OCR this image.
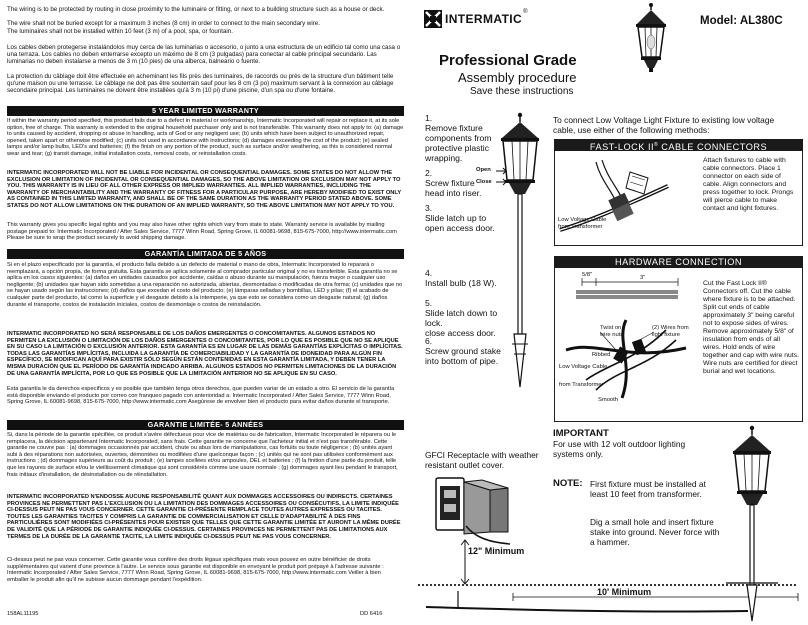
The wiring is to be protected by routing in close proximity to the luminaire or fitting, or next to a building structure such as a house or deck.
The wire shall not be buried except for a maximum 3 inches (8 cm) in order to connect to the main secondary wire.
The luminaires shall not be installed within 10 feet (3 m) of a pool, spa, or fountain.
Los cables deben protegerse instalándolos muy cerca de las luminarias o accesorio, o junto a una estructura de un edificio tal como una casa o una terraza. Los cables no deben enterrarse excepto un máximo de 8 cm (3 pulgadas) para conectar al cable principal secundario. Las luminarias no deben instalarse a menos de 3 m (10 pies) de una alberca, balneario o fuente.
La protection du câblage doit être effectuée en acheminant les fils près des luminaires, de raccords ou près de la structure d'un bâtiment telle qu'une maison ou une terrasse. Le câblage ne doit pas être souterrain sauf pour les 8 cm (3 po) maximum servant à la connexion au câblage secondaire principal. Les luminaires ne doivent être installées qu'à 3 m (10 pi) d'une piscine, d'un spa ou d'une fontaine.
5 YEAR LIMITED WARRANTY
If within the warranty period specified, this product fails due to a defect in material or workmanship, Intermatic Incorporated will repair or replace it, at its sole option, free of charge. This warranty is extended to the original household purchaser only and is not transferable. This warranty does not apply to: (a) damage to units caused by accident, dropping or abuse in handling, acts of God or any negligent use; (b) units which have been subject to unauthorized repair, opened, taken apart or otherwise modified; (c) units not used in accordance with instructions; (d) damages exceeding the cost of the product; (e) sealed lamps and/or lamp bulbs, LED's and batteries; (f) the finish on any portion of the product, such as surface and/or weathering, as this is considered normal wear and tear; (g) transit damage, initial installation costs, removal costs, or reinstallation costs.
INTERMATIC INCORPORATED WILL NOT BE LIABLE FOR INCIDENTAL OR CONSEQUENTIAL DAMAGES. SOME STATES DO NOT ALLOW THE EXCLUSION OR LIMITATION OF INCIDENTAL OR CONSEQUENTIAL DAMAGES, SO THE ABOVE LIMITATION OR EXCLUSION MAY NOT APPLY TO YOU. THIS WARRANTY IS IN LIEU OF ALL OTHER EXPRESS OR IMPLIED WARRANTIES. ALL IMPLIED WARRANTIES, INCLUDING THE WARRANTY OF MERCHANTABILITY AND THE WARRANTY OF FITNESS FOR A PARTICULAR PURPOSE, ARE HEREBY MODIFIED TO EXIST ONLY AS CONTAINED IN THIS LIMITED WARRANTY, AND SHALL BE OF THE SAME DURATION AS THE WARRANTY PERIOD STATED ABOVE. SOME STATES DO NOT ALLOW LIMITATIONS ON THE DURATION OF AN IMPLIED WARRANTY, SO THE ABOVE LIMITATION MAY NOT APPLY TO YOU.
This warranty gives you specific legal rights and you may also have other rights which vary from state to state. Warranty service is available by mailing postage prepaid to: Intermatic Incorporated / After Sales Service, 7777 Winn Road, Spring Grove, IL 60081-9698, 815-675-7000, http://www.intermatic.com Please be sure to wrap the product securely to avoid shipping damage.
GARANTÍA LIMITADA DE 5 AÑOS
Si en el plazo especificado por la garantía, el producto falla debido a un defecto de material o mano de obra, Intermatic Incorporated lo reparará o reemplazará, a opción propia, de forma gratuita. Esta garantía se aplica solamente al comprador particular original y no es transferible. Esta garantía no se aplica en los casos siguientes: (a) daños en unidades causados por accidente, caídas o abuso durante su manipulación, fuerza mayor o cualquier uso negligente; (b) unidades que hayan sido sometidas a una reparación no autorizada, abiertas, desmontadas o modificadas de otra forma; (c) unidades que no se hayan usado según las instrucciones; (d) daños que excedan el costo del producto; (e) lámparas selladas y bombillas, LED y pilas; (f) el acabado de cualquier parte del producto, tal como la superficie y el desgaste debido a la intemperie, ya que esto se considera como un desgaste natural; (g) daños durante el transporte, costos de instalación iniciales, costos de desmontaje o costos de reinstalación.
INTERMATIC INCORPORATED NO SERÁ RESPONSABLE DE LOS DAÑOS EMERGENTES O CONCOMITANTES. ALGUNOS ESTADOS NO PERMITEN LA EXCLUSIÓN O LIMITACIÓN DE LOS DAÑOS EMERGENTES O CONCOMITANTES, POR LO QUE ES POSIBLE QUE NO SE APLIQUE EN SU CASO LA LIMITACIÓN O EXCLUSIÓN ANTERIOR. ESTA GARANTÍA ES EN LUGAR DE LAS DEMÁS GARANTÍAS EXPLÍCITAS O IMPLÍCITAS. TODAS LAS GARANTÍAS IMPLÍCITAS, INCLUIDA LA GARANTÍA DE COMERCIABILIDAD Y LA GARANTÍA DE IDONEIDAD PARA ALGÚN FIN ESPECÍFICO, SE MODIFICAN AQUÍ PARA EXISTIR SÓLO SEGÚN ESTÁN CONTENIDAS EN ESTA GARANTÍA LIMITADA, Y DEBEN TENER LA MISMA DURACIÓN QUE EL PERÍODO DE GARANTÍA INDICADO ARRIBA. ALGUNOS ESTADOS NO PERMITEN LIMITACIONES DE LA DURACIÓN DE UNA GARANTÍA IMPLÍCITA, POR LO QUE ES POSIBLE QUE LA LIMITACIÓN ANTERIOR NO SE APLIQUE EN SU CASO.
Esta garantía le da derechos específicos y es posible que también tenga otros derechos, que pueden variar de un estado a otro. El servicio de la garantía está disponible enviando el producto por correo con franqueo pagado con anterioridad a: Intermatic Incorporated / After Sales Service, 7777 Winn Road, Spring Grove, IL 60081-9698, 815-675-7000, http://www.intermatic.com Asegúrese de envolver bien el producto para evitar daños durante el transporte.
GARANTIE LIMITÉE- 5 ANNÉES
Si, dans la période de la garantie spécifiée, ce produit s'avère défectueux pour vice de matériau ou de fabrication, Intermatic Incorporated le réparera ou le remplacera, la décision appartenant Intermatic Incorporated, sans frais. Cette garantie ne concerne que l'acheteur initial et n'est pas transférable. Cette garantie ne couvre pas : (a) dommages occasionnés par accident, chute ou abus lors de manipulations, cas fortuits ou toute négligence ; (b) unités ayant subi à des réparations non autorisées, ouvertes, démontées ou modifiées d'une quelconque façon ; (c) unités qui ne sont pas utilisées conformément aux instructions ; (d) dommages supérieurs au coût du produit ; (e) lampes scellées et/ou ampoules, DEL et batteries ; (f) la finition d'une partie du produit, telle que les rayures de surface et/ou le vieillissement climatique qui sont considérés comme une usure normale ; (g) dommages ayant lieu pendant le transport, frais initiaux d'installation, de désinstallation ou de réinstallation.
INTERMATIC INCORPORATED N'ENDOSSE AUCUNE RESPONSABILITÉ QUANT AUX DOMMAGES ACCESSOIRES OU INDIRECTS. CERTAINES PROVINCES NE PERMETTENT PAS L'EXCLUSION OU LA LIMITATION DES DOMMAGES ACCESSOIRES OU CONSÉCUTIFS, LA LIMITE INDIQUÉE CI-DESSUS PEUT NE PAS VOUS CONCERNER. CETTE GARANTIE CI-PRÉSENTE REMPLACE TOUTES AUTRES EXPRESSES OU TACITES. TOUTES LES GARANTIES TACITES Y COMPRIS LA GARANTIE DE COMMERCIALISATION ET CELLE D'ADAPTABILITÉ À DES FINS PARTICULIÈRES SONT MODIFIÉES CI-PRÉSENTES POUR EXISTER QUE TELLES QUE CETTE GARANTIE LIMITÉE ET AURONT LA MÊME DURÉE DE VALIDITÉ QUE LA PÉRIODE DE GARANTIE INDIQUÉE CI-DESSUS. CERTAINES PROVINCES NE PERMETTENT PAS DE LIMITATIONS AUX TERMES DE LA DURÉE DE LA GARANTIE TACITE, LA LIMITE INDIQUÉE CI-DESSUS PEUT NE PAS VOUS CONCERNER.
Ci-dessus peut ne pas vous concerner. Cette garantie vous confère des droits légaux spécifiques mais vous pouvez en outre bénéficier de droits supplémentaires qui varient d'une province à l'autre. Le service sous garantie est disponible en envoyant le produit port prépayé à l'adresse suivante : Intermatic Incorporated / After Sales Service, 7777 Winn Road, Spring Grove, IL 60081-9698, 815-675-7000, http://www.intermatic.com Veiller à bien emballer le produit afin qu'il ne subisse aucun dommage pendant l'expédition.
158AL11195	DD 6416
INTERMATIC ®
Model: AL380C
Professional Grade
Assembly procedure
Save these instructions
1.
Remove fixture
components from
protective plastic
wrapping.
2.
Screw fixture
head into riser.
3.
Slide latch up to
open access door.
4.
Install bulb (18 W).
5.
Slide latch down to lock.
close access door.
6.
Screw ground stake
into bottom of pipe.
Open
Close
To connect Low Voltage Light Fixture to existing low voltage cable, use either of the following methods:
FAST-LOCK II® CABLE CONNECTORS
Low Voltage Cable from Transformer
Attach fixtures to cable with cable connectors. Place 1 connector on each side of cable. Align connectors and press together to lock. Prongs will pierce cable to make contact and light fixtures.
HARDWARE CONNECTION
5/8"	3"
Twist on
wire nuts
(2) Wires from
light fixture
Ribbed
Low Voltage Cable
from Transformer
Smooth
Cut the Fast Lock II® Connectors off. Cut the cable where fixture is to be attached. Split cut ends of cable approximately 3" being careful not to expose sides of wires. Remove approximately 5/8" of insulation from ends of all wires. Hold ends of wire together and cap with wire nuts. Wire nuts are certified for direct burial and wet locations.
IMPORTANT
For use with 12 volt outdoor lighting systems only.
GFCI Receptacle with weather resistant outlet cover.
12" Minimum
10' Minimum
NOTE: First fixture must be installed at least 10 feet from transformer.
Dig a small hole and insert fixture stake into ground. Never force with a hammer.
